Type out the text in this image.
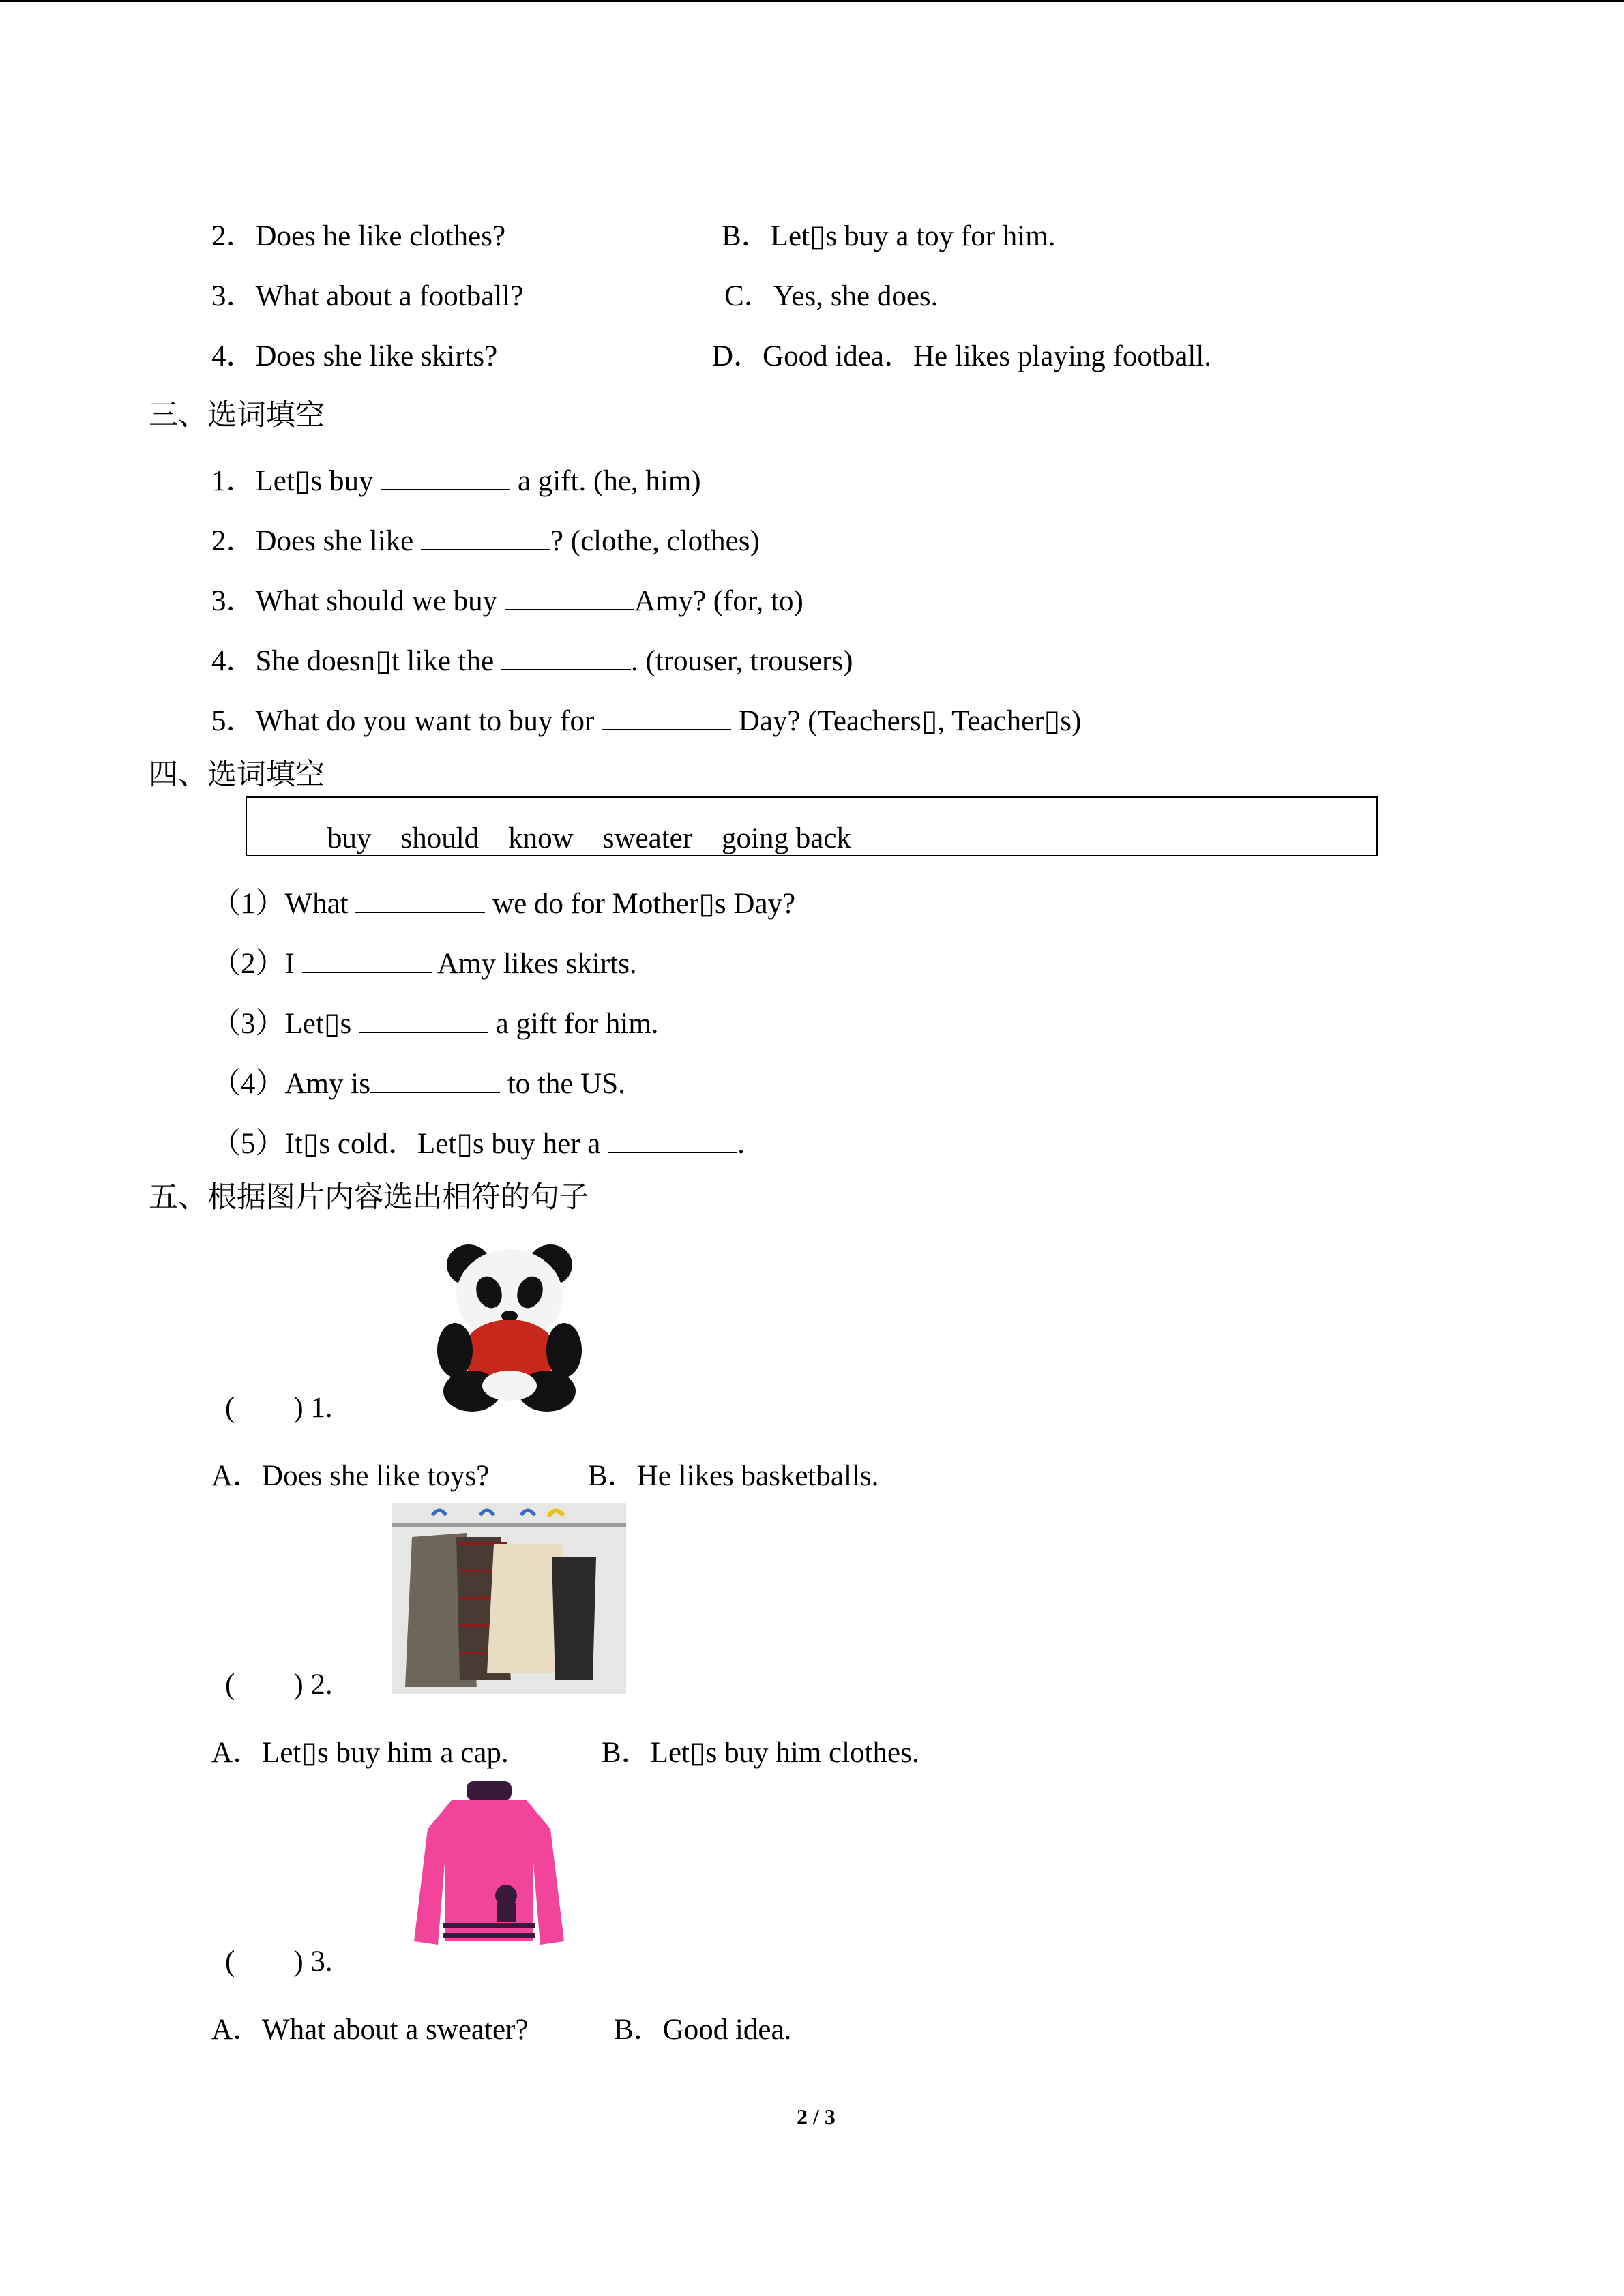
2．Does he like clothes?	B．Let▯s buy a toy for him.
3．What about a football?	C．Yes, she does.
4．Does she like skirts?	D．Good idea．He likes playing football.
三、选词填空
1．Let▯s buy	a gift. (he, him)
2．Does she like	? (clothe, clothes)
3．What should we buy	Amy? (for, to)
4．She doesn▯t like the	. (trouser, trousers)
5．What do you want to buy for	Day? (Teachers▯, Teacher▯s)
四、选词填空
buy    should    know    sweater    going back
（1）What	we do for Mother▯s Day?
（2）I	Amy likes skirts.
（3）Let▯s	a gift for him.
（4）Amy is	to the US.
（5）It▯s cold．Let▯s buy her a	.
五、根据图片内容选出相符的句子
(        ) 1.
A．Does she like toys?	B．He likes basketballs.
(        ) 2.
A．Let▯s buy him a cap.	B．Let▯s buy him clothes.
(        ) 3.
A．What about a sweater?	B．Good idea.
2 / 3
